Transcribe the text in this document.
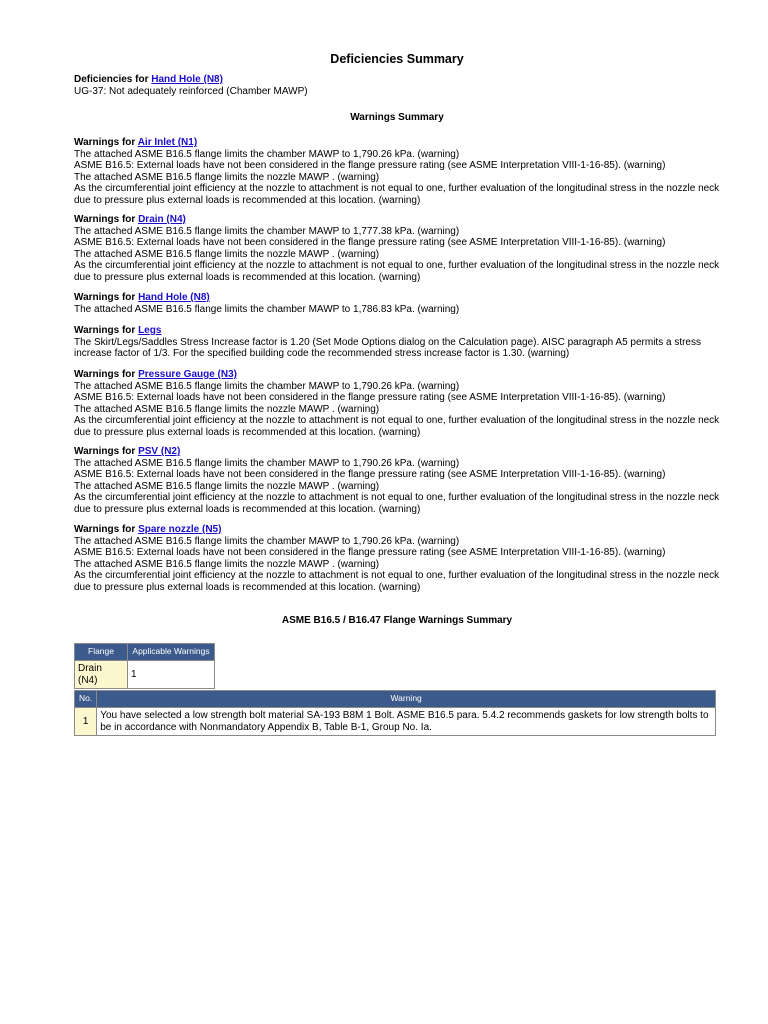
Deficiencies Summary
Deficiencies for Hand Hole (N8)
UG-37: Not adequately reinforced (Chamber MAWP)
Warnings Summary
Warnings for Air Inlet (N1)
The attached ASME B16.5 flange limits the chamber MAWP to 1,790.26 kPa. (warning)
ASME B16.5: External loads have not been considered in the flange pressure rating (see ASME Interpretation VIII-1-16-85). (warning)
The attached ASME B16.5 flange limits the nozzle MAWP . (warning)
As the circumferential joint efficiency at the nozzle to attachment is not equal to one, further evaluation of the longitudinal stress in the nozzle neck due to pressure plus external loads is recommended at this location. (warning)
Warnings for Drain (N4)
The attached ASME B16.5 flange limits the chamber MAWP to 1,777.38 kPa. (warning)
ASME B16.5: External loads have not been considered in the flange pressure rating (see ASME Interpretation VIII-1-16-85). (warning)
The attached ASME B16.5 flange limits the nozzle MAWP . (warning)
As the circumferential joint efficiency at the nozzle to attachment is not equal to one, further evaluation of the longitudinal stress in the nozzle neck due to pressure plus external loads is recommended at this location. (warning)
Warnings for Hand Hole (N8)
The attached ASME B16.5 flange limits the chamber MAWP to 1,786.83 kPa. (warning)
Warnings for Legs
The Skirt/Legs/Saddles Stress Increase factor is 1.20 (Set Mode Options dialog on the Calculation page). AISC paragraph A5 permits a stress increase factor of 1/3. For the specified building code the recommended stress increase factor is 1.30. (warning)
Warnings for Pressure Gauge (N3)
The attached ASME B16.5 flange limits the chamber MAWP to 1,790.26 kPa. (warning)
ASME B16.5: External loads have not been considered in the flange pressure rating (see ASME Interpretation VIII-1-16-85). (warning)
The attached ASME B16.5 flange limits the nozzle MAWP . (warning)
As the circumferential joint efficiency at the nozzle to attachment is not equal to one, further evaluation of the longitudinal stress in the nozzle neck due to pressure plus external loads is recommended at this location. (warning)
Warnings for PSV (N2)
The attached ASME B16.5 flange limits the chamber MAWP to 1,790.26 kPa. (warning)
ASME B16.5: External loads have not been considered in the flange pressure rating (see ASME Interpretation VIII-1-16-85). (warning)
The attached ASME B16.5 flange limits the nozzle MAWP . (warning)
As the circumferential joint efficiency at the nozzle to attachment is not equal to one, further evaluation of the longitudinal stress in the nozzle neck due to pressure plus external loads is recommended at this location. (warning)
Warnings for Spare nozzle (N5)
The attached ASME B16.5 flange limits the chamber MAWP to 1,790.26 kPa. (warning)
ASME B16.5: External loads have not been considered in the flange pressure rating (see ASME Interpretation VIII-1-16-85). (warning)
The attached ASME B16.5 flange limits the nozzle MAWP . (warning)
As the circumferential joint efficiency at the nozzle to attachment is not equal to one, further evaluation of the longitudinal stress in the nozzle neck due to pressure plus external loads is recommended at this location. (warning)
ASME B16.5 / B16.47 Flange Warnings Summary
Flange	Applicable Warnings
Drain (N4)	1
No.	Warning
1	You have selected a low strength bolt material SA-193 B8M 1 Bolt. ASME B16.5 para. 5.4.2 recommends gaskets for low strength bolts to be in accordance with Nonmandatory Appendix B, Table B-1, Group No. Ia.
